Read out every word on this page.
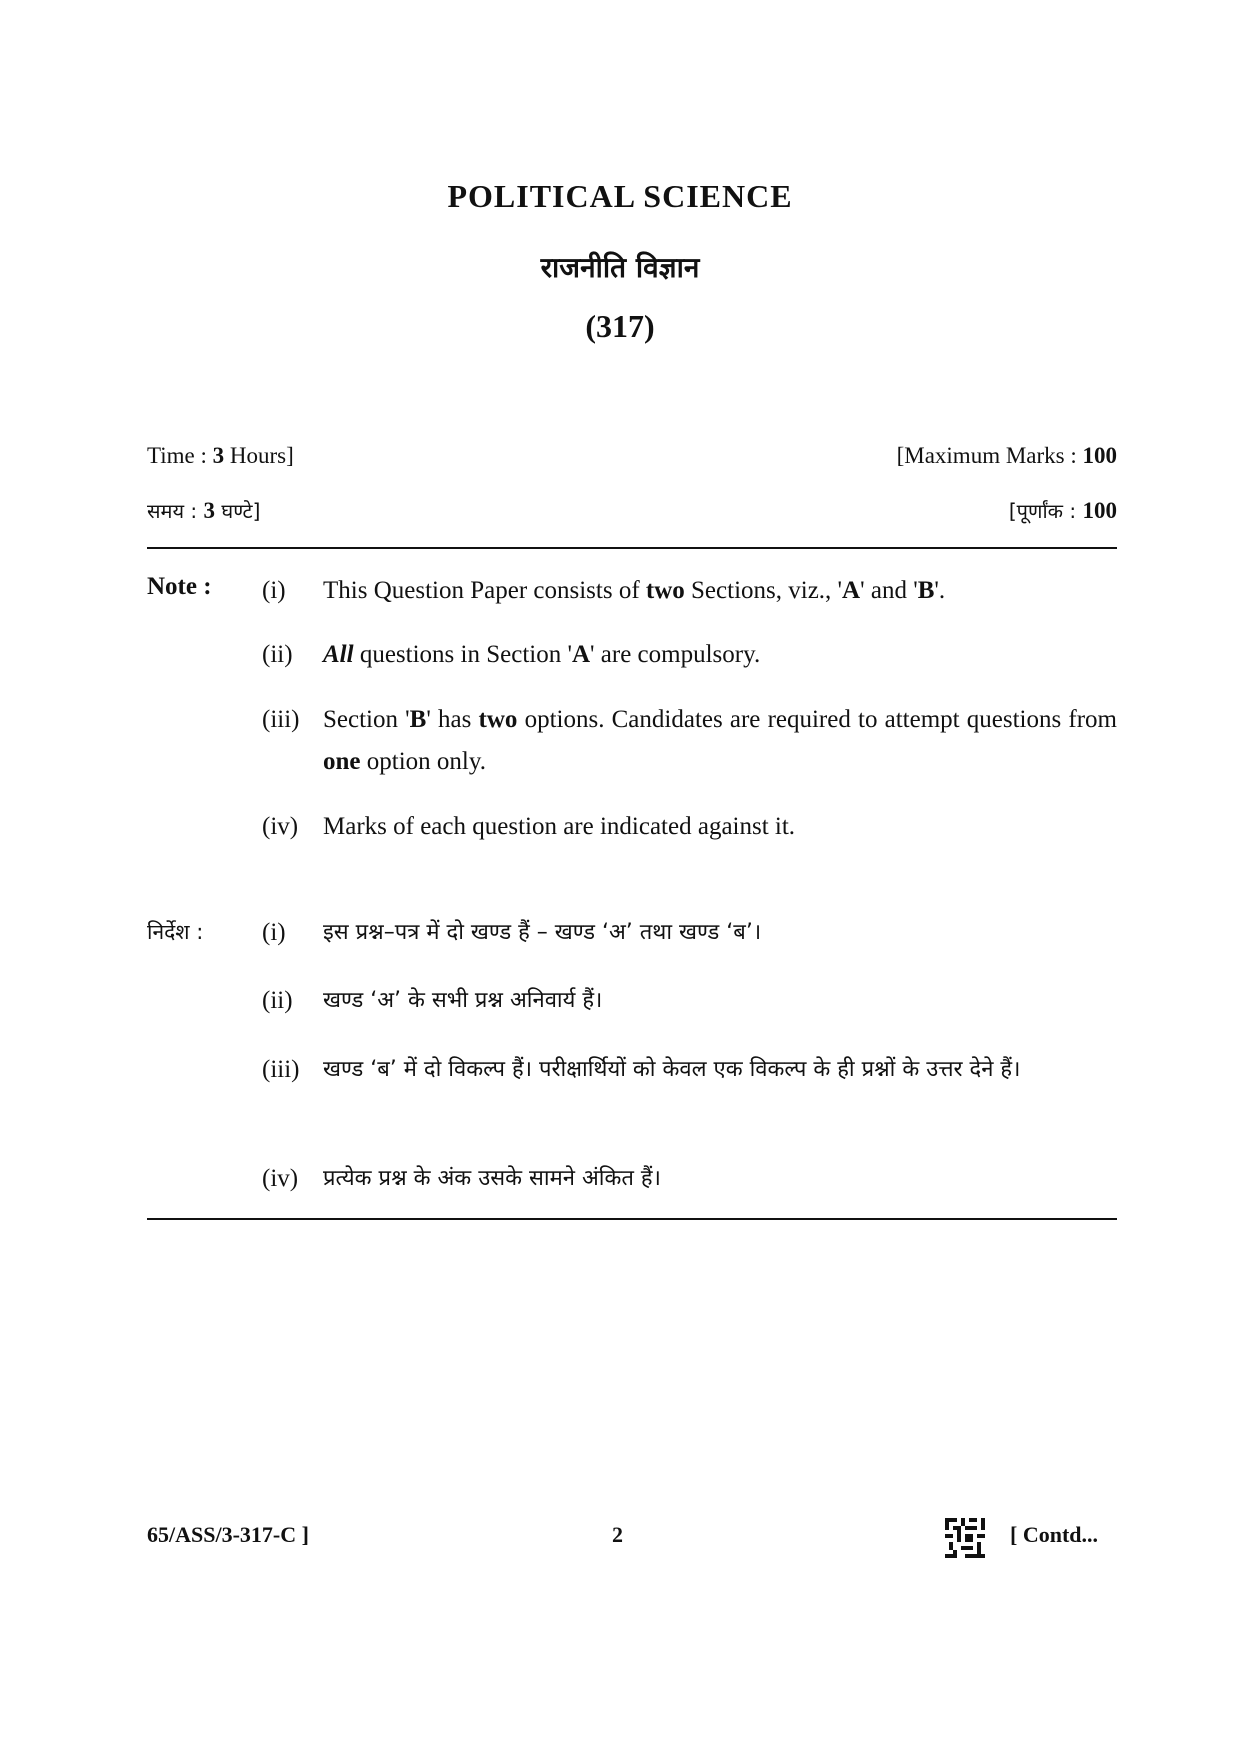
POLITICAL SCIENCE
राजनीति विज्ञान
(317)
Time : 3 Hours]	[Maximum Marks : 100
समय : 3 घण्टे]	[पूर्णांक : 100
Note : (i)	This Question Paper consists of two Sections, viz., 'A' and 'B'.
(ii)	All questions in Section 'A' are compulsory.
(iii) Section 'B' has two options. Candidates are required to attempt questions from one option only.
(iv) Marks of each question are indicated against it.
निर्देश : (i)	इस प्रश्न–पत्र में दो खण्ड हैं – खण्ड ‘अ’ तथा खण्ड ‘ब’।
(ii)	खण्ड ‘अ’ के सभी प्रश्न अनिवार्य हैं।
(iii)	खण्ड ‘ब’ में दो विकल्प हैं। परीक्षार्थियों को केवल एक विकल्प के ही प्रश्नों के उत्तर देने हैं।
(iv)	प्रत्येक प्रश्न के अंक उसके सामने अंकित हैं।
65/ASS/3-317-C ]	2	[ Contd...
